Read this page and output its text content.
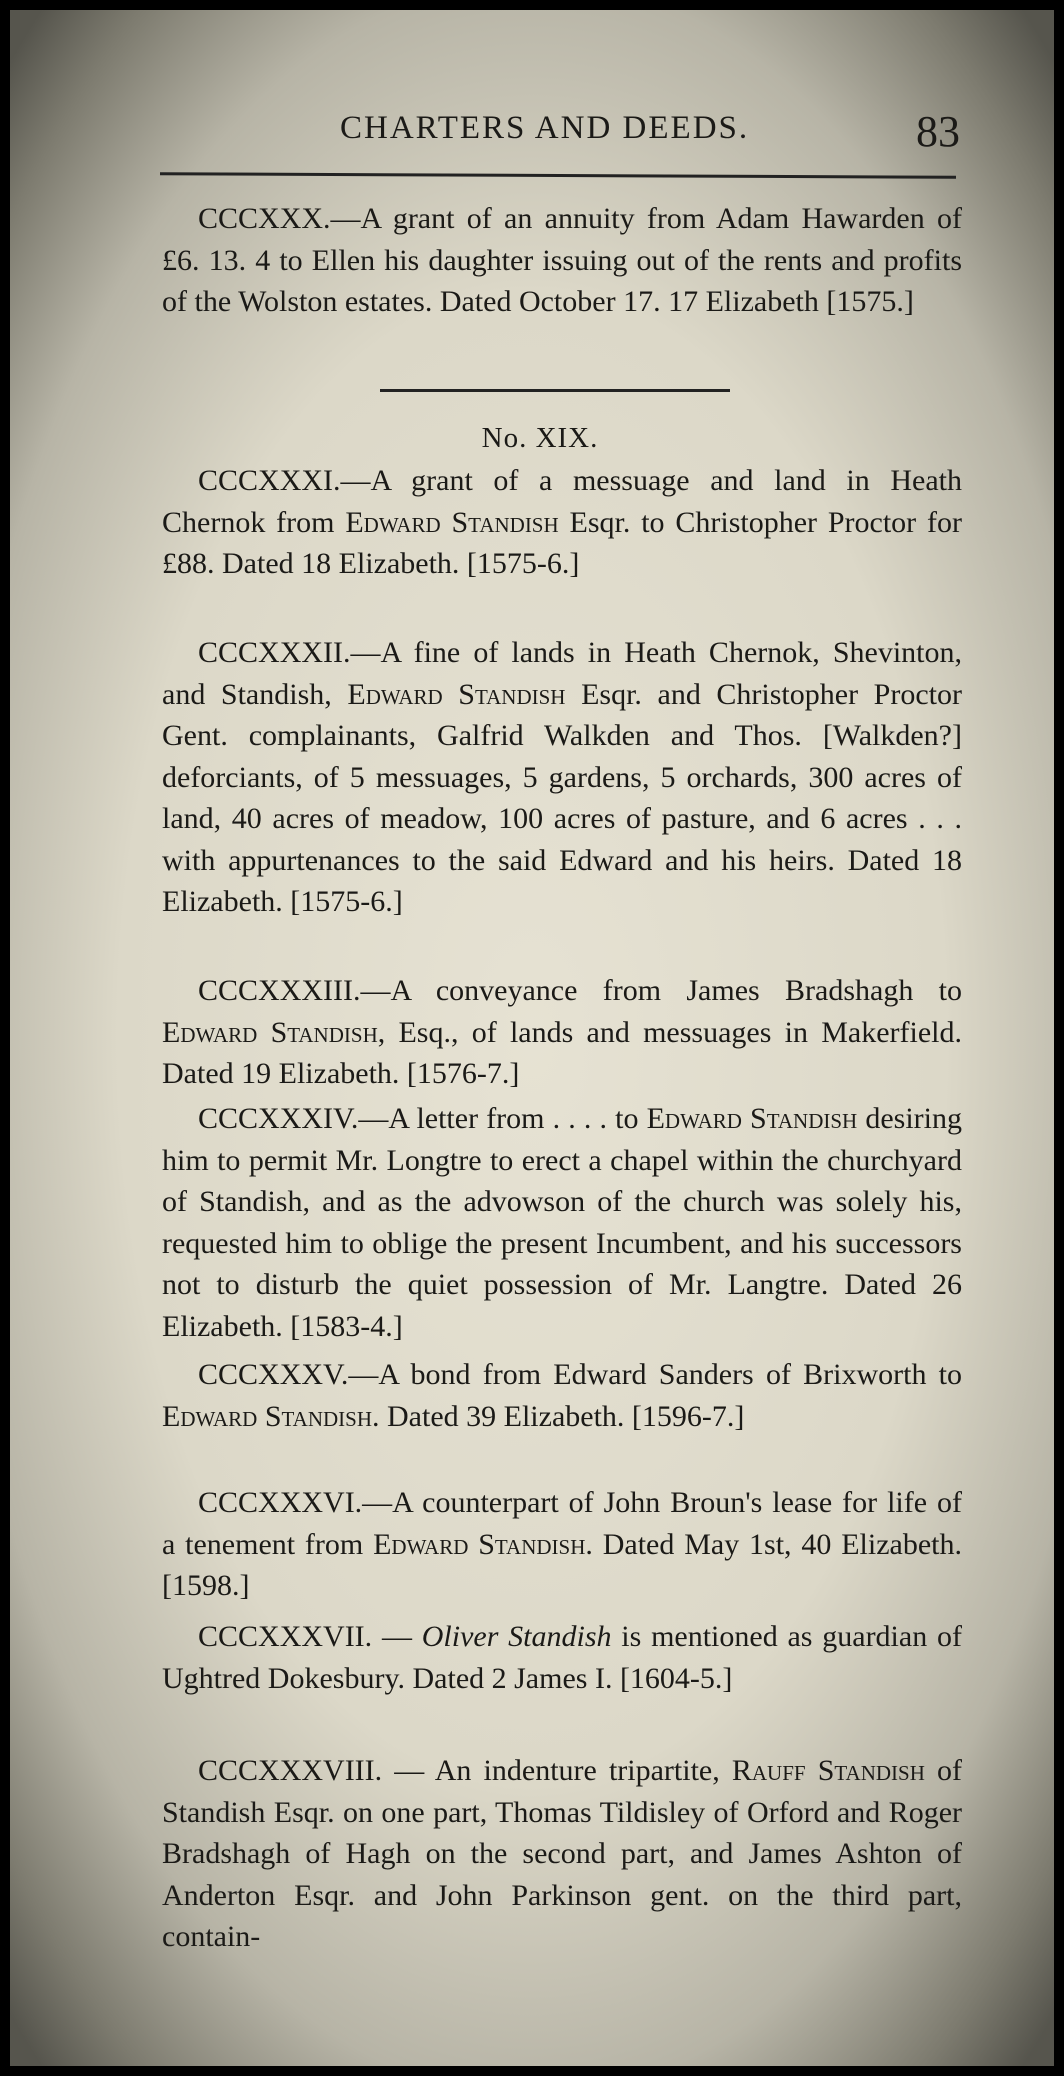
CHARTERS AND DEEDS.	83

CCCXXX.—A grant of an annuity from Adam Hawarden of £6. 13. 4 to Ellen his daughter issuing out of the rents and profits of the Wolston estates. Dated October 17. 17 Elizabeth [1575.]

No. XIX.

CCCXXXI.—A grant of a messuage and land in Heath Chernok from Edward Standish Esqr. to Christopher Proctor for £88. Dated 18 Elizabeth. [1575-6.]

CCCXXXII.—A fine of lands in Heath Chernok, Shevinton, and Standish, Edward Standish Esqr. and Christopher Proctor Gent. complainants, Galfrid Walkden and Thos. [Walkden?] deforciants, of 5 messuages, 5 gardens, 5 orchards, 300 acres of land, 40 acres of meadow, 100 acres of pasture, and 6 acres . . . with appurtenances to the said Edward and his heirs. Dated 18 Elizabeth. [1575-6.]

CCCXXXIII.—A conveyance from James Bradshagh to Edward Standish, Esq., of lands and messuages in Makerfield. Dated 19 Elizabeth. [1576-7.]

CCCXXXIV.—A letter from . . . . to Edward Standish desiring him to permit Mr. Longtre to erect a chapel within the churchyard of Standish, and as the advowson of the church was solely his, requested him to oblige the present Incumbent, and his successors not to disturb the quiet possession of Mr. Langtre. Dated 26 Elizabeth. [1583-4.]

CCCXXXV.—A bond from Edward Sanders of Brixworth to Edward Standish. Dated 39 Elizabeth. [1596-7.]

CCCXXXVI.—A counterpart of John Broun's lease for life of a tenement from Edward Standish. Dated May 1st, 40 Elizabeth. [1598.]

CCCXXXVII. — Oliver Standish is mentioned as guardian of Ughtred Dokesbury. Dated 2 James I. [1604-5.]

CCCXXXVIII. — An indenture tripartite, Rauff Standish of Standish Esqr. on one part, Thomas Tildisley of Orford and Roger Bradshagh of Hagh on the second part, and James Ashton of Anderton Esqr. and John Parkinson gent. on the third part, contain-
